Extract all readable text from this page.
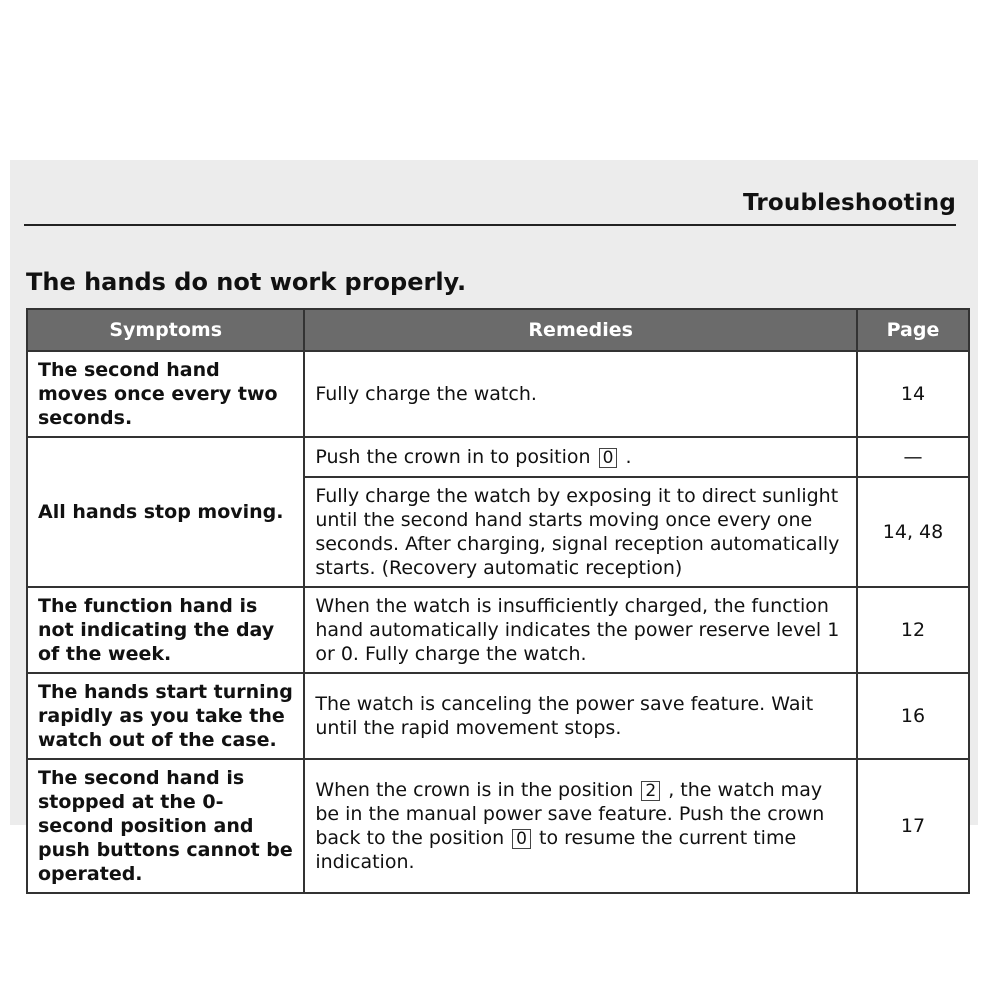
Troubleshooting
The hands do not work properly.
Symptoms	Remedies	Page
The second hand moves once every two seconds.	Fully charge the watch.	14
All hands stop moving.	Push the crown in to position 0 .	—
	Fully charge the watch by exposing it to direct sunlight until the second hand starts moving once every one seconds. After charging, signal reception automatically starts. (Recovery automatic reception)	14, 48
The function hand is not indicating the day of the week.	When the watch is insufficiently charged, the function hand automatically indicates the power reserve level 1 or 0. Fully charge the watch.	12
The hands start turning rapidly as you take the watch out of the case.	The watch is canceling the power save feature. Wait until the rapid movement stops.	16
The second hand is stopped at the 0-second position and push buttons cannot be operated.	When the crown is in the position 2 , the watch may be in the manual power save feature. Push the crown back to the position 0 to resume the current time indication.	17
